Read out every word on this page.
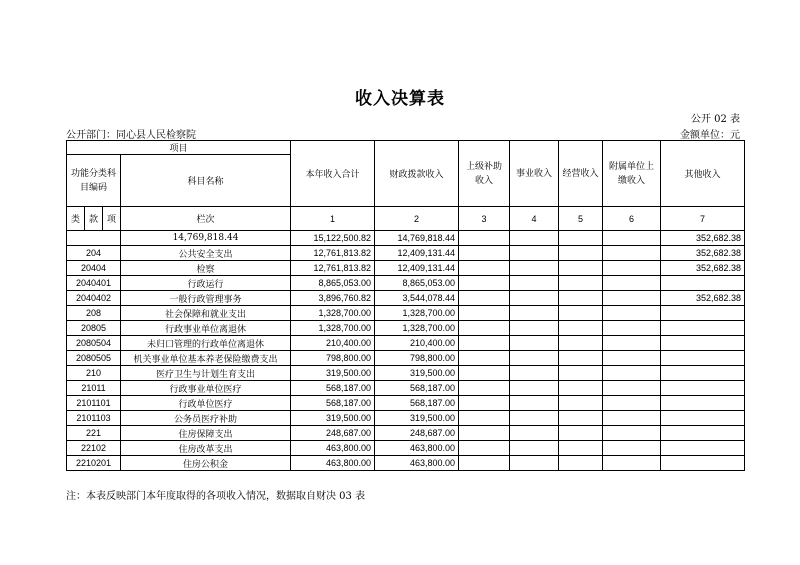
收入决算表
公开 02 表
公开部门：同心县人民检察院	金额单位：元
项目				本年收入合计	财政拨款收入	上级补助收入	事业收入	经营收入	附属单位上缴收入	其他收入
功能分类科目编码			科目名称							
类	款	项	栏次	1	2	3	4	5	6	7

			14,769,818.44	15,122,500.82	14,769,818.44					352,682.38
204			公共安全支出	12,761,813.82	12,409,131.44					352,682.38
20404			检察	12,761,813.82	12,409,131.44					352,682.38
2040401			行政运行	8,865,053.00	8,865,053.00					
2040402			一般行政管理事务	3,896,760.82	3,544,078.44					352,682.38
208			社会保障和就业支出	1,328,700.00	1,328,700.00					
20805			行政事业单位离退休	1,328,700.00	1,328,700.00					
2080504			未归口管理的行政单位离退休	210,400.00	210,400.00					
2080505			机关事业单位基本养老保险缴费支出	798,800.00	798,800.00					
210			医疗卫生与计划生育支出	319,500.00	319,500.00					
21011			行政事业单位医疗	568,187.00	568,187.00					
2101101			行政单位医疗	568,187.00	568,187.00					
2101103			公务员医疗补助	319,500.00	319,500.00					
221			住房保障支出	248,687.00	248,687.00					
22102			住房改革支出	463,800.00	463,800.00					
2210201			住房公积金	463,800.00	463,800.00					
注：本表反映部门本年度取得的各项收入情况，数据取自财决 03 表
